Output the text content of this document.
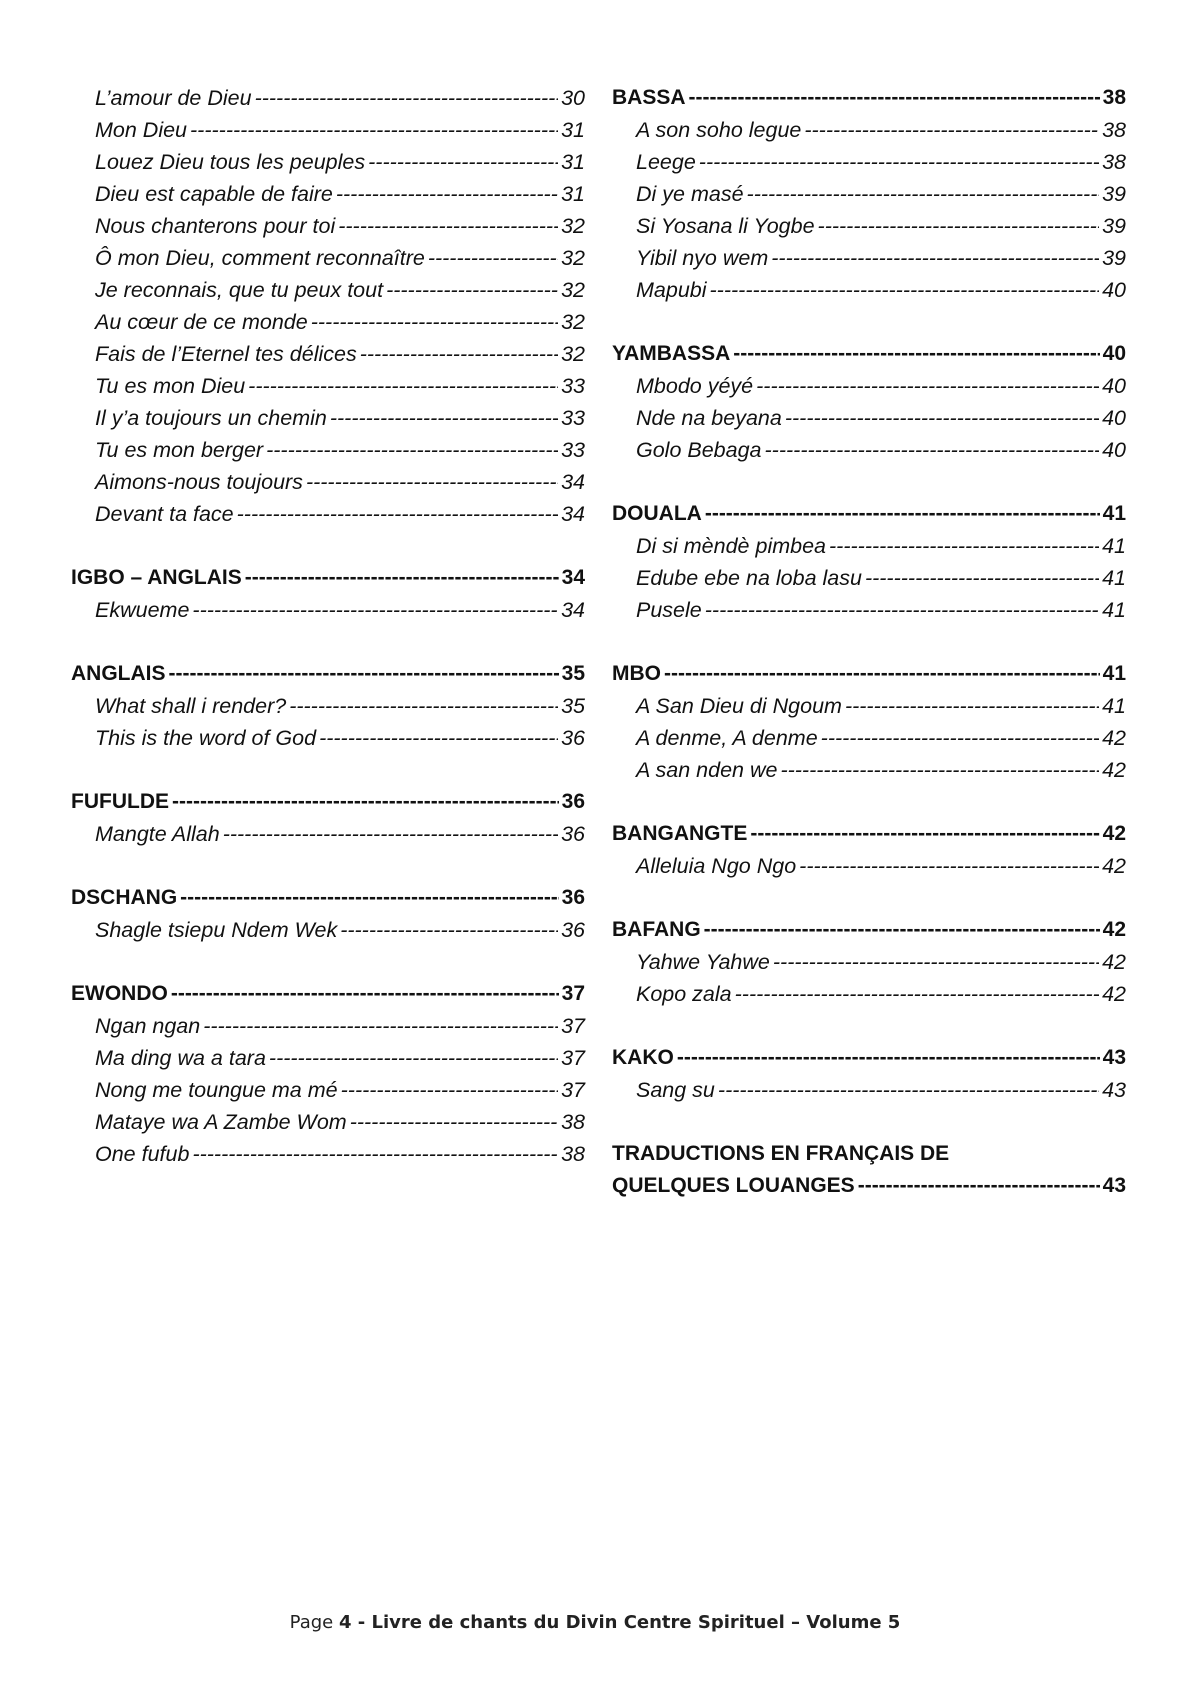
L’amour de Dieu -----	30
Mon Dieu -----	31
Louez Dieu tous les peuples -----	31
Dieu est capable de faire -----	31
Nous chanterons pour toi -----	32
Ô mon Dieu, comment reconnaître -----	32
Je reconnais, que tu peux tout -----	32
Au cœur de ce monde -----	32
Fais de l’Eternel tes délices -----	32
Tu es mon Dieu -----	33
Il y’a toujours un chemin -----	33
Tu es mon berger -----	33
Aimons-nous toujours -----	34
Devant ta face -----	34
IGBO – ANGLAIS -----	34
Ekwueme -----	34
ANGLAIS -----	35
What shall i render? -----	35
This is the word of God -----	36
FUFULDE -----	36
Mangte Allah -----	36
DSCHANG -----	36
Shagle tsiepu Ndem Wek -----	36
EWONDO -----	37
Ngan ngan -----	37
Ma ding wa a tara -----	37
Nong me toungue ma mé -----	37
Mataye wa A Zambe Wom -----	38
One fufub -----	38
BASSA -----	38
A son soho legue -----	38
Leege -----	38
Di ye masé -----	39
Si Yosana li Yogbe -----	39
Yibil nyo wem -----	39
Mapubi -----	40
YAMBASSA -----	40
Mbodo yéyé -----	40
Nde na beyana -----	40
Golo Bebaga -----	40
DOUALA -----	41
Di si mèndè pimbea -----	41
Edube ebe na loba lasu -----	41
Pusele -----	41
MBO -----	41
A San Dieu di Ngoum -----	41
A denme, A denme -----	42
A san nden we -----	42
BANGANGTE -----	42
Alleluia Ngo Ngo -----	42
BAFANG -----	42
Yahwe Yahwe -----	42
Kopo zala -----	42
KAKO -----	43
Sang su -----	43
TRADUCTIONS EN FRANÇAIS DE
QUELQUES LOUANGES -----	43
Page 4 - Livre de chants du Divin Centre Spirituel – Volume 5
